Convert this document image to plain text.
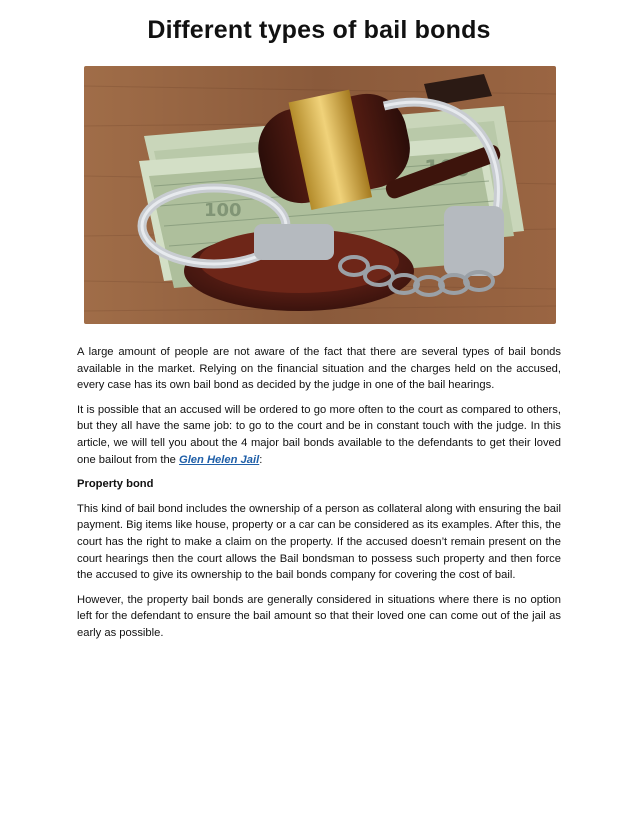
Different types of bail bonds
100

A large amount of people are not aware of the fact that there are several types of bail bonds available in the market. Relying on the financial situation and the charges held on the accused, every case has its own bail bond as decided by the judge in one of the bail hearings.

It is possible that an accused will be ordered to go more often to the court as compared to others, but they all have the same job: to go to the court and be in constant touch with the judge. In this article, we will tell you about the 4 major bail bonds available to the defendants to get their loved one bailout from the Glen Helen Jail:

Property bond

This kind of bail bond includes the ownership of a person as collateral along with ensuring the bail payment. Big items like house, property or a car can be considered as its examples. After this, the court has the right to make a claim on the property. If the accused doesn’t remain present on the court hearings then the court allows the Bail bondsman to possess such property and then force the accused to give its ownership to the bail bonds company for covering the cost of bail.

However, the property bail bonds are generally considered in situations where there is no option left for the defendant to ensure the bail amount so that their loved one can come out of the jail as early as possible.
